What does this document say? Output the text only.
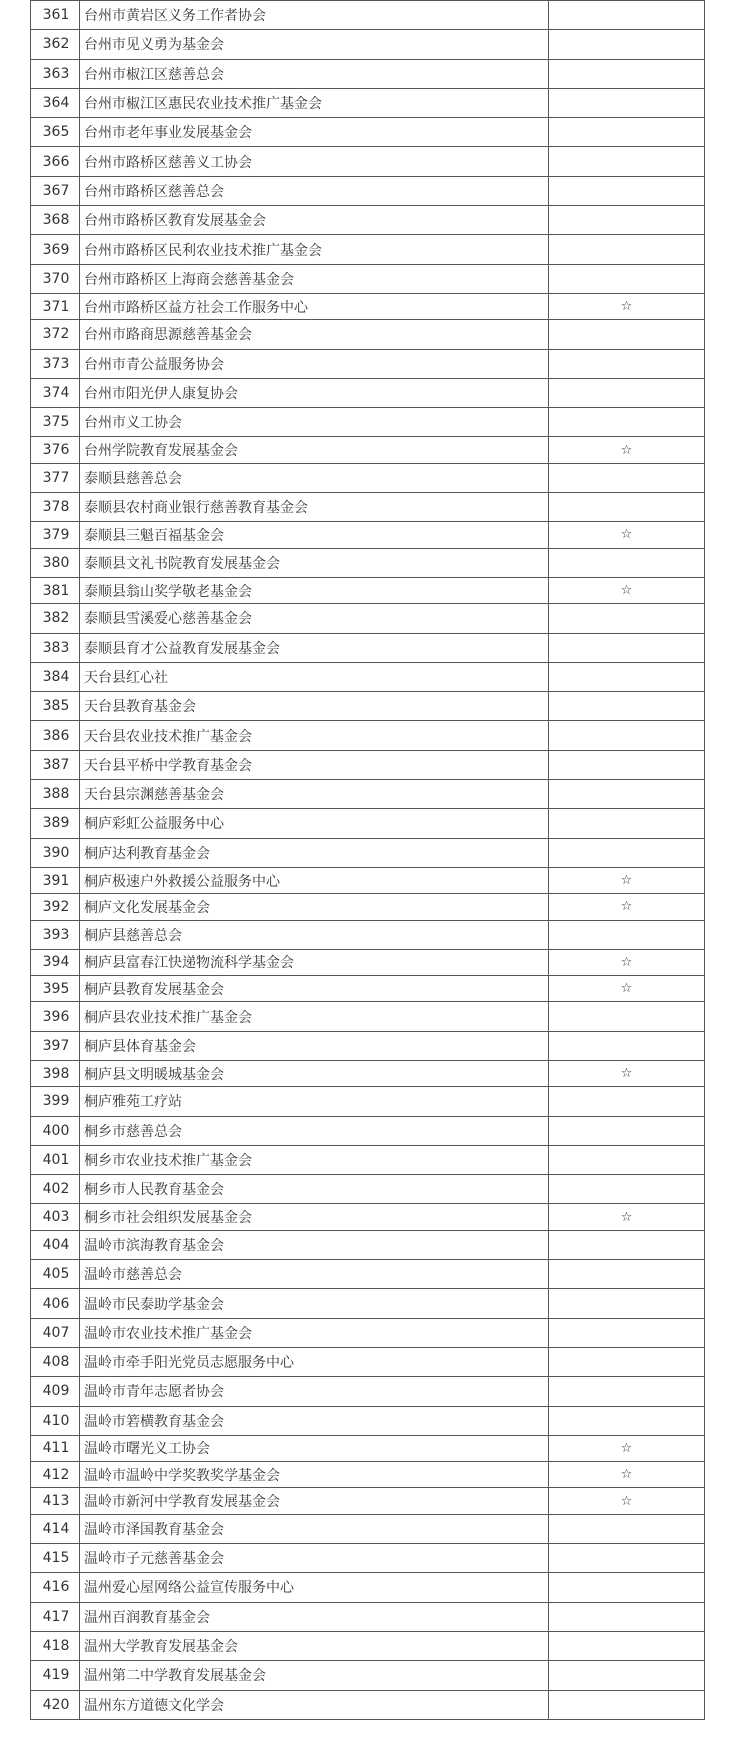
361	台州市黄岩区义务工作者协会	
362	台州市见义勇为基金会	
363	台州市椒江区慈善总会	
364	台州市椒江区惠民农业技术推广基金会	
365	台州市老年事业发展基金会	
366	台州市路桥区慈善义工协会	
367	台州市路桥区慈善总会	
368	台州市路桥区教育发展基金会	
369	台州市路桥区民利农业技术推广基金会	
370	台州市路桥区上海商会慈善基金会	
371	台州市路桥区益方社会工作服务中心	☆
372	台州市路商思源慈善基金会	
373	台州市青公益服务协会	
374	台州市阳光伊人康复协会	
375	台州市义工协会	
376	台州学院教育发展基金会	☆
377	泰顺县慈善总会	
378	泰顺县农村商业银行慈善教育基金会	
379	泰顺县三魁百福基金会	☆
380	泰顺县文礼书院教育发展基金会	
381	泰顺县翁山奖学敬老基金会	☆
382	泰顺县雪溪爱心慈善基金会	
383	泰顺县育才公益教育发展基金会	
384	天台县红心社	
385	天台县教育基金会	
386	天台县农业技术推广基金会	
387	天台县平桥中学教育基金会	
388	天台县宗渊慈善基金会	
389	桐庐彩虹公益服务中心	
390	桐庐达利教育基金会	
391	桐庐极速户外救援公益服务中心	☆
392	桐庐文化发展基金会	☆
393	桐庐县慈善总会	
394	桐庐县富春江快递物流科学基金会	☆
395	桐庐县教育发展基金会	☆
396	桐庐县农业技术推广基金会	
397	桐庐县体育基金会	
398	桐庐县文明暖城基金会	☆
399	桐庐雅苑工疗站	
400	桐乡市慈善总会	
401	桐乡市农业技术推广基金会	
402	桐乡市人民教育基金会	
403	桐乡市社会组织发展基金会	☆
404	温岭市滨海教育基金会	
405	温岭市慈善总会	
406	温岭市民泰助学基金会	
407	温岭市农业技术推广基金会	
408	温岭市牵手阳光党员志愿服务中心	
409	温岭市青年志愿者协会	
410	温岭市箬横教育基金会	
411	温岭市曙光义工协会	☆
412	温岭市温岭中学奖教奖学基金会	☆
413	温岭市新河中学教育发展基金会	☆
414	温岭市泽国教育基金会	
415	温岭市子元慈善基金会	
416	温州爱心屋网络公益宣传服务中心	
417	温州百润教育基金会	
418	温州大学教育发展基金会	
419	温州第二中学教育发展基金会	
420	温州东方道德文化学会	
